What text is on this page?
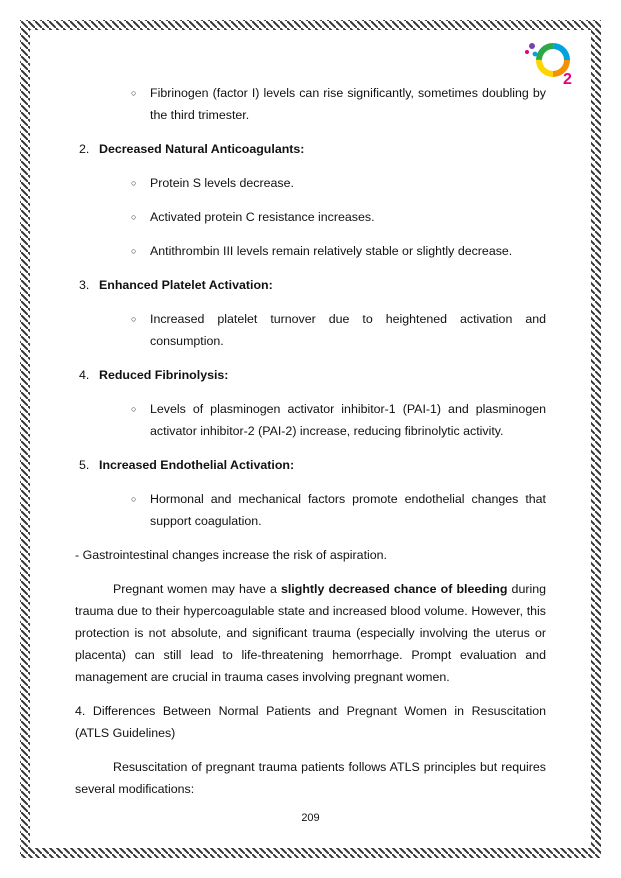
2
○ Fibrinogen (factor I) levels can rise significantly, sometimes doubling by the third trimester.
2. Decreased Natural Anticoagulants:
○ Protein S levels decrease.
○ Activated protein C resistance increases.
○ Antithrombin III levels remain relatively stable or slightly decrease.
3. Enhanced Platelet Activation:
○ Increased platelet turnover due to heightened activation and consumption.
4. Reduced Fibrinolysis:
○ Levels of plasminogen activator inhibitor-1 (PAI-1) and plasminogen activator inhibitor-2 (PAI-2) increase, reducing fibrinolytic activity.
5. Increased Endothelial Activation:
○ Hormonal and mechanical factors promote endothelial changes that support coagulation.

- Gastrointestinal changes increase the risk of aspiration.

Pregnant women may have a slightly decreased chance of bleeding during trauma due to their hypercoagulable state and increased blood volume. However, this protection is not absolute, and significant trauma (especially involving the uterus or placenta) can still lead to life-threatening hemorrhage. Prompt evaluation and management are crucial in trauma cases involving pregnant women.

4. Differences Between Normal Patients and Pregnant Women in Resuscitation (ATLS Guidelines)

Resuscitation of pregnant trauma patients follows ATLS principles but requires several modifications:

209
